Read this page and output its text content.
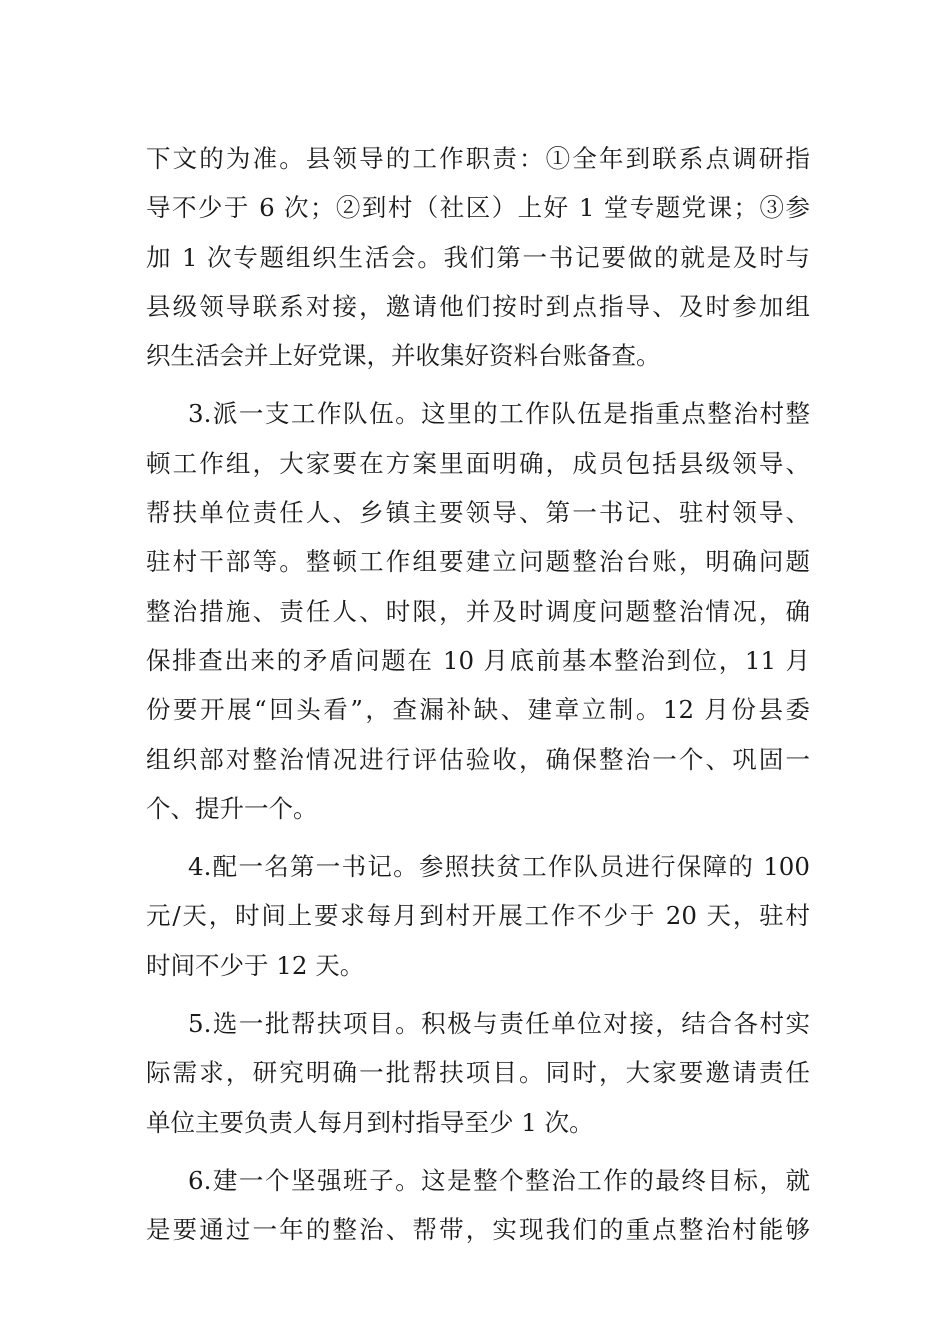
下文的为准。县领导的工作职责：①全年到联系点调研指
导不少于 6 次；②到村（社区）上好 1 堂专题党课；③参
加 1 次专题组织生活会。我们第一书记要做的就是及时与
县级领导联系对接，邀请他们按时到点指导、及时参加组
织生活会并上好党课，并收集好资料台账备查。
3.派一支工作队伍。这里的工作队伍是指重点整治村整
顿工作组，大家要在方案里面明确，成员包括县级领导、
帮扶单位责任人、乡镇主要领导、第一书记、驻村领导、
驻村干部等。整顿工作组要建立问题整治台账，明确问题
整治措施、责任人、时限，并及时调度问题整治情况，确
保排查出来的矛盾问题在 10 月底前基本整治到位，11 月
份要开展“回头看”，查漏补缺、建章立制。12 月份县委
组织部对整治情况进行评估验收，确保整治一个、巩固一
个、提升一个。
4.配一名第一书记。参照扶贫工作队员进行保障的 100
元/天，时间上要求每月到村开展工作不少于 20 天，驻村
时间不少于 12 天。
5.选一批帮扶项目。积极与责任单位对接，结合各村实
际需求，研究明确一批帮扶项目。同时，大家要邀请责任
单位主要负责人每月到村指导至少 1 次。
6.建一个坚强班子。这是整个整治工作的最终目标，就
是要通过一年的整治、帮带，实现我们的重点整治村能够
